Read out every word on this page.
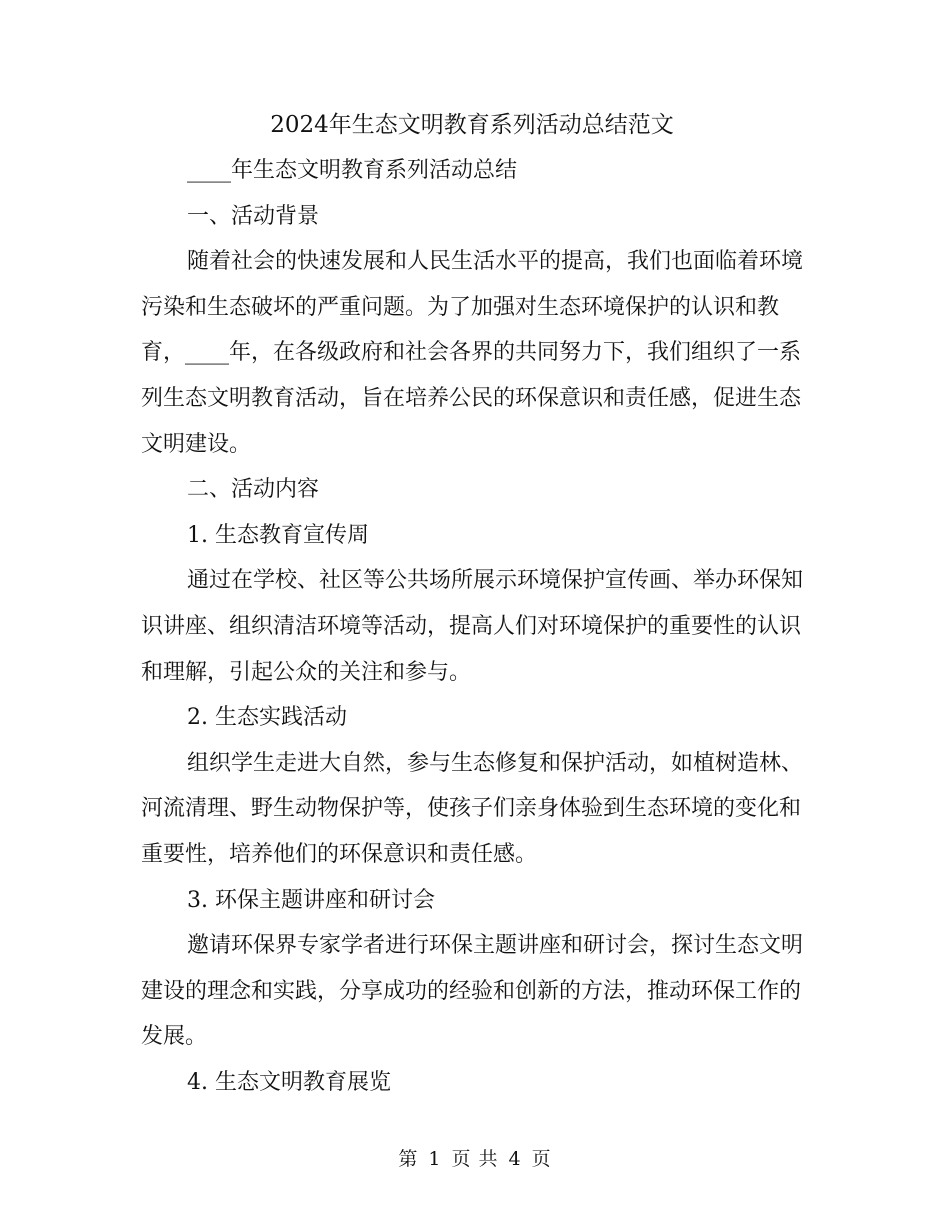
2024年生态文明教育系列活动总结范文

____年生态文明教育系列活动总结

一、活动背景

随着社会的快速发展和人民生活水平的提高，我们也面临着环境污染和生态破坏的严重问题。为了加强对生态环境保护的认识和教育，____年，在各级政府和社会各界的共同努力下，我们组织了一系列生态文明教育活动，旨在培养公民的环保意识和责任感，促进生态文明建设。

二、活动内容

1. 生态教育宣传周

通过在学校、社区等公共场所展示环境保护宣传画、举办环保知识讲座、组织清洁环境等活动，提高人们对环境保护的重要性的认识和理解，引起公众的关注和参与。

2. 生态实践活动

组织学生走进大自然，参与生态修复和保护活动，如植树造林、河流清理、野生动物保护等，使孩子们亲身体验到生态环境的变化和重要性，培养他们的环保意识和责任感。

3. 环保主题讲座和研讨会

邀请环保界专家学者进行环保主题讲座和研讨会，探讨生态文明建设的理念和实践，分享成功的经验和创新的方法，推动环保工作的发展。

4. 生态文明教育展览

第 1 页 共 4 页
